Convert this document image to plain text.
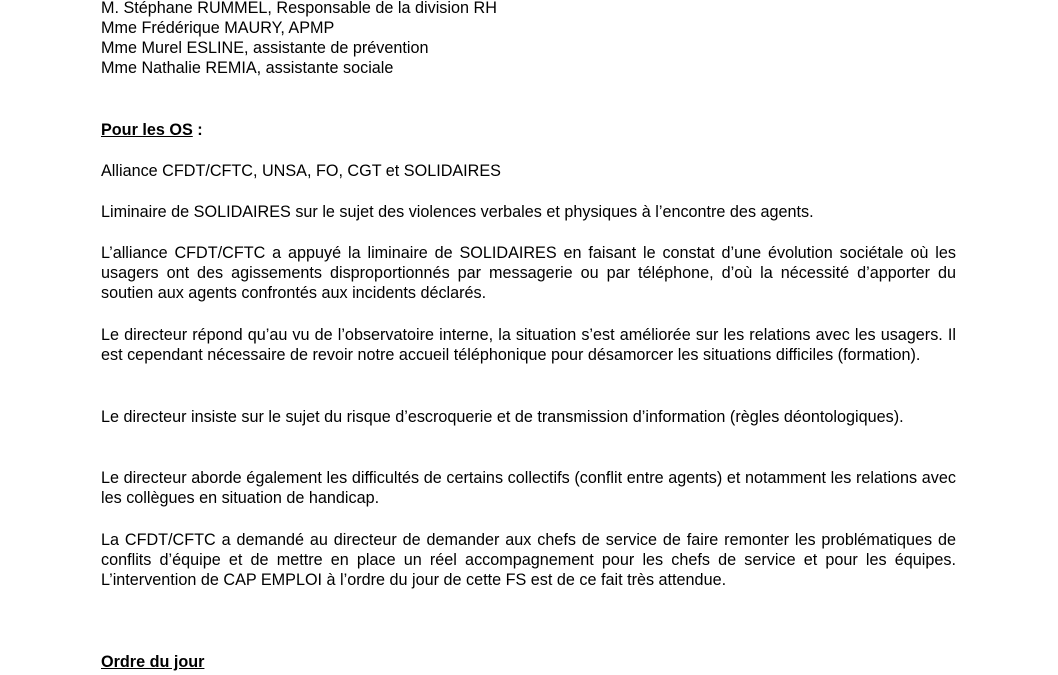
M. Stéphane RUMMEL, Responsable de la division RH
Mme Frédérique MAURY, APMP
Mme Murel ESLINE, assistante de prévention
Mme Nathalie REMIA, assistante sociale
Pour les OS :
Alliance CFDT/CFTC, UNSA, FO, CGT et SOLIDAIRES
Liminaire de SOLIDAIRES sur le sujet des violences verbales et physiques à l’encontre des agents.
L’alliance CFDT/CFTC a appuyé la liminaire de SOLIDAIRES en faisant le constat d’une évolution sociétale où les usagers ont des agissements disproportionnés par messagerie ou par téléphone, d’où la nécessité d’apporter du soutien aux agents confrontés aux incidents déclarés.
Le directeur répond qu’au vu de l’observatoire interne, la situation s’est améliorée sur les relations avec les usagers. Il est cependant nécessaire de revoir notre accueil téléphonique pour désamorcer les situations difficiles (formation).
Le directeur insiste sur le sujet du risque d’escroquerie et de transmission d’information (règles déontologiques).
Le directeur aborde également les difficultés de certains collectifs (conflit entre agents) et notamment les relations avec les collègues en situation de handicap.
La CFDT/CFTC a demandé au directeur de demander aux chefs de service de faire remonter les problématiques de conflits d’équipe et de mettre en place un réel accompagnement pour les chefs de service et pour les équipes. L’intervention de CAP EMPLOI à l’ordre du jour de cette FS est de ce fait très attendue.
Ordre du jour
